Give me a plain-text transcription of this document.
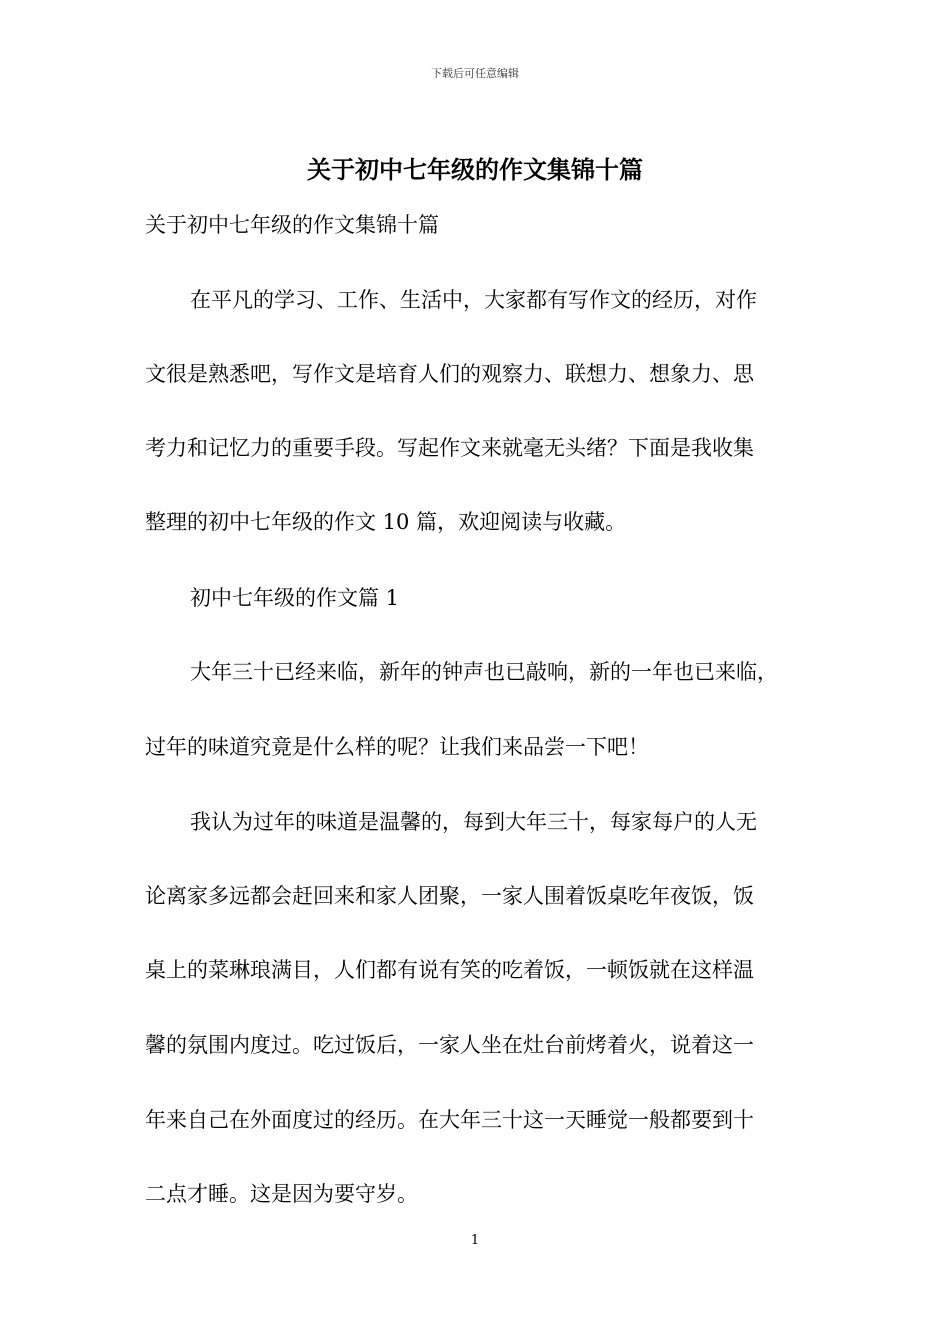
下载后可任意编辑
关于初中七年级的作文集锦十篇

关于初中七年级的作文集锦十篇

在平凡的学习、工作、生活中，大家都有写作文的经历，对作

文很是熟悉吧，写作文是培育人们的观察力、联想力、想象力、思

考力和记忆力的重要手段。写起作文来就毫无头绪？下面是我收集

整理的初中七年级的作文 10 篇，欢迎阅读与收藏。

初中七年级的作文篇 1

大年三十已经来临，新年的钟声也已敲响，新的一年也已来临，

过年的味道究竟是什么样的呢？让我们来品尝一下吧！

我认为过年的味道是温馨的，每到大年三十，每家每户的人无

论离家多远都会赶回来和家人团聚，一家人围着饭桌吃年夜饭，饭

桌上的菜琳琅满目，人们都有说有笑的吃着饭，一顿饭就在这样温

馨的氛围内度过。吃过饭后，一家人坐在灶台前烤着火，说着这一

年来自己在外面度过的经历。在大年三十这一天睡觉一般都要到十

二点才睡。这是因为要守岁。

1
